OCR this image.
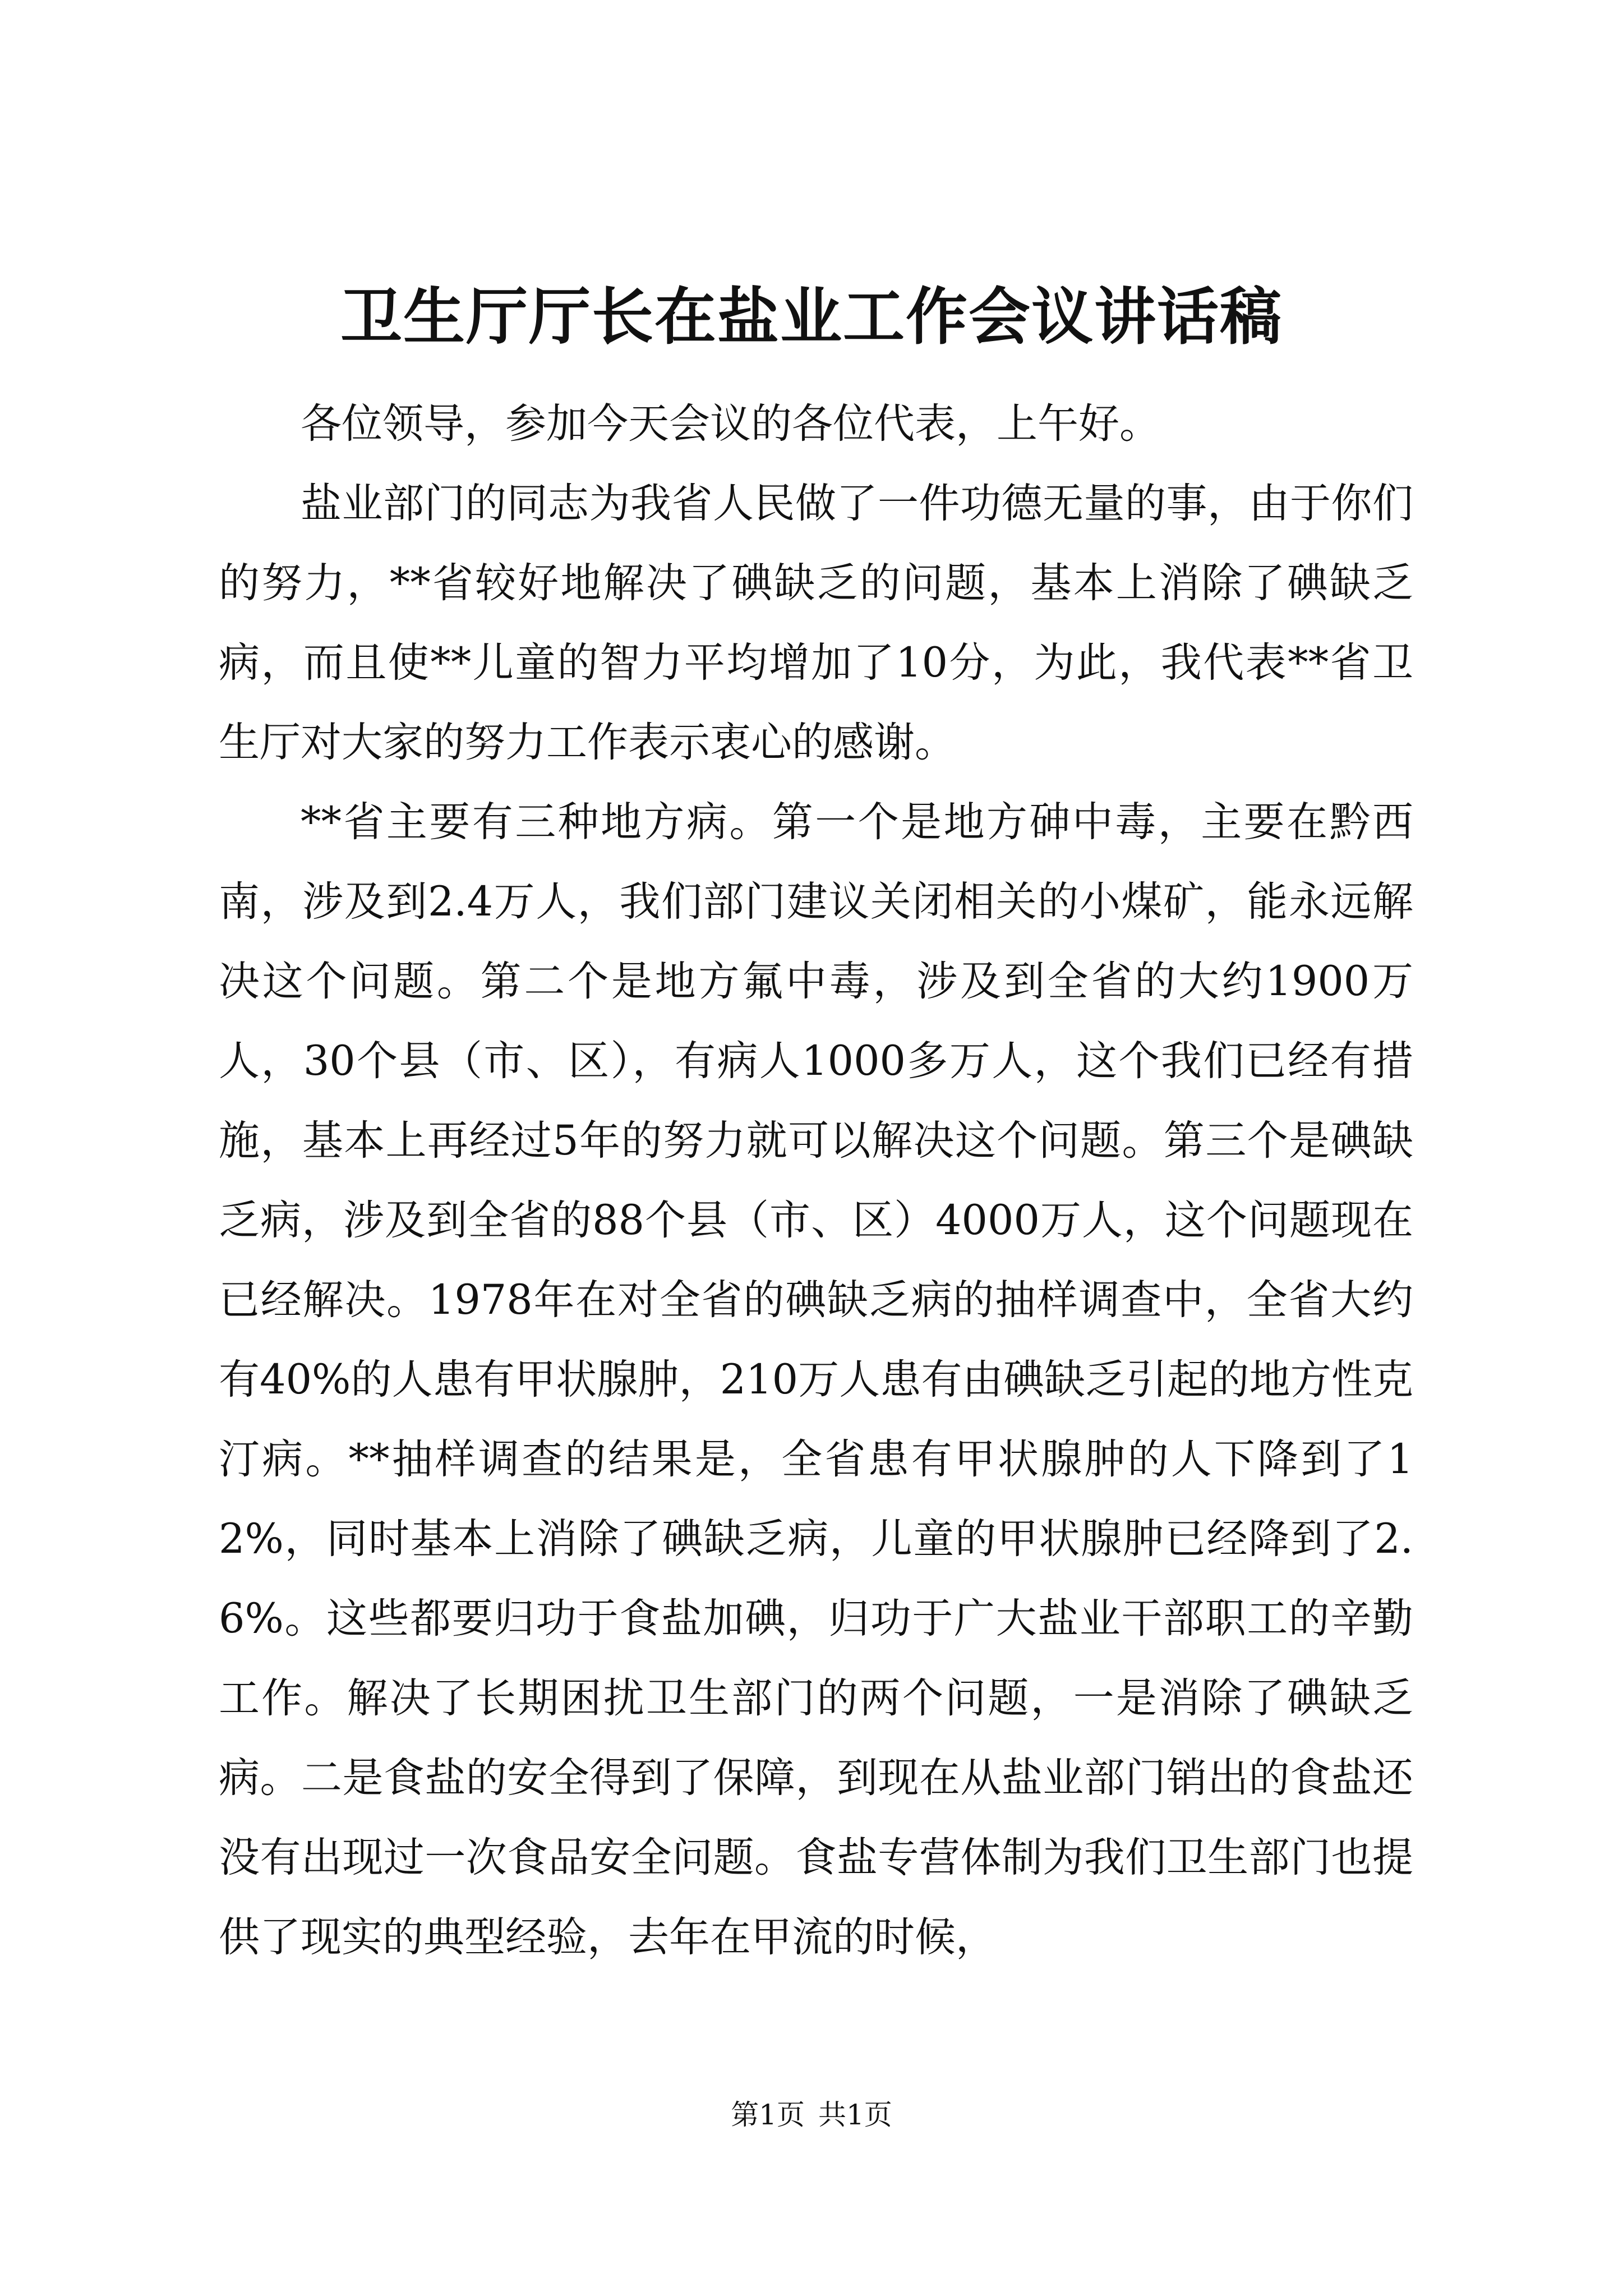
卫生厅厅长在盐业工作会议讲话稿

各位领导，参加今天会议的各位代表，上午好。

盐业部门的同志为我省人民做了一件功德无量的事，由于你们的努力，**省较好地解决了碘缺乏的问题，基本上消除了碘缺乏病，而且使**儿童的智力平均增加了10分，为此，我代表**省卫生厅对大家的努力工作表示衷心的感谢。

**省主要有三种地方病。第一个是地方砷中毒，主要在黔西南，涉及到2.4万人，我们部门建议关闭相关的小煤矿，能永远解决这个问题。第二个是地方氟中毒，涉及到全省的大约1900万人，30个县（市、区），有病人1000多万人，这个我们已经有措施，基本上再经过5年的努力就可以解决这个问题。第三个是碘缺乏病，涉及到全省的88个县（市、区）4000万人，这个问题现在已经解决。1978年在对全省的碘缺乏病的抽样调查中，全省大约有40%的人患有甲状腺肿，210万人患有由碘缺乏引起的地方性克汀病。**抽样调查的结果是，全省患有甲状腺肿的人下降到了12%，同时基本上消除了碘缺乏病，儿童的甲状腺肿已经降到了2.6%。这些都要归功于食盐加碘，归功于广大盐业干部职工的辛勤工作。解决了长期困扰卫生部门的两个问题，一是消除了碘缺乏病。二是食盐的安全得到了保障，到现在从盐业部门销出的食盐还没有出现过一次食品安全问题。食盐专营体制为我们卫生部门也提供了现实的典型经验，去年在甲流的时候，

第1页 共1页
